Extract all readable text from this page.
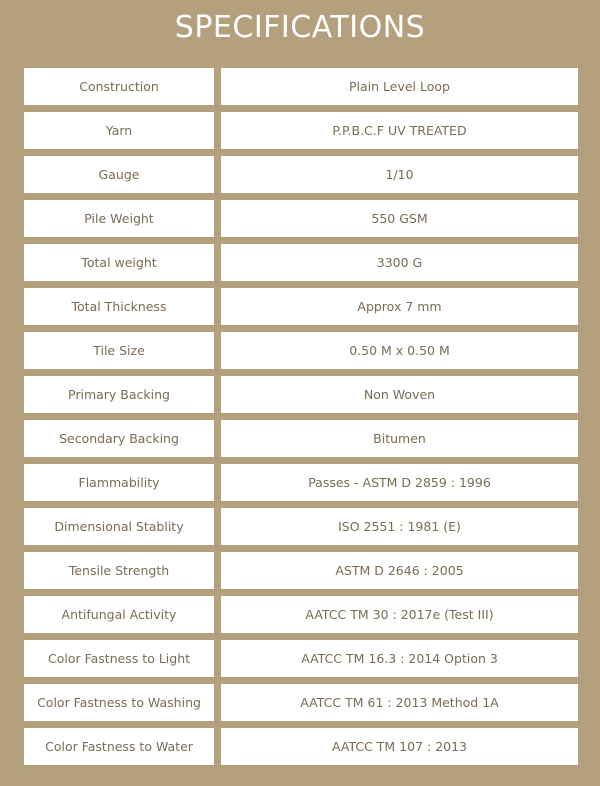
SPECIFICATIONS
Construction	Plain Level Loop
Yarn	P.P.B.C.F UV TREATED
Gauge	1/10
Pile Weight	550 GSM
Total weight	3300 G
Total Thickness	Approx 7 mm
Tile Size	0.50 M x 0.50 M
Primary Backing	Non Woven
Secondary Backing	Bitumen
Flammability	Passes - ASTM D 2859 : 1996
Dimensional Stablity	ISO 2551 : 1981 (E)
Tensile Strength	ASTM D 2646 : 2005
Antifungal Activity	AATCC TM 30 : 2017e (Test III)
Color Fastness to Light	AATCC TM 16.3 : 2014 Option 3
Color Fastness to Washing	AATCC TM 61 : 2013 Method 1A
Color Fastness to Water	AATCC TM 107 : 2013
